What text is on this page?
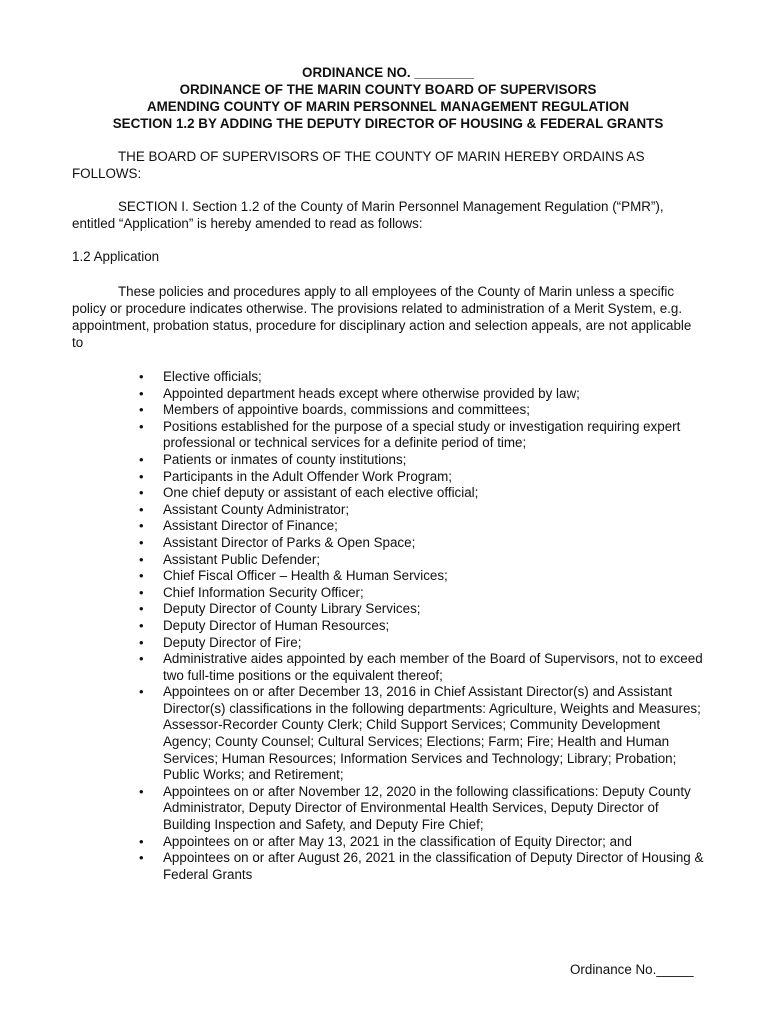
ORDINANCE NO. ________

ORDINANCE OF THE MARIN COUNTY BOARD OF SUPERVISORS

AMENDING COUNTY OF MARIN PERSONNEL MANAGEMENT REGULATION

SECTION 1.2 BY ADDING THE DEPUTY DIRECTOR OF HOUSING & FEDERAL GRANTS

THE BOARD OF SUPERVISORS OF THE COUNTY OF MARIN HEREBY ORDAINS AS FOLLOWS:

SECTION I. Section 1.2 of the County of Marin Personnel Management Regulation (“PMR”), entitled “Application” is hereby amended to read as follows:

1.2 Application

These policies and procedures apply to all employees of the County of Marin unless a specific policy or procedure indicates otherwise. The provisions related to administration of a Merit System, e.g. appointment, probation status, procedure for disciplinary action and selection appeals, are not applicable to

• Elective officials;
• Appointed department heads except where otherwise provided by law;
• Members of appointive boards, commissions and committees;
• Positions established for the purpose of a special study or investigation requiring expert professional or technical services for a definite period of time;
• Patients or inmates of county institutions;
• Participants in the Adult Offender Work Program;
• One chief deputy or assistant of each elective official;
• Assistant County Administrator;
• Assistant Director of Finance;
• Assistant Director of Parks & Open Space;
• Assistant Public Defender;
• Chief Fiscal Officer – Health & Human Services;
• Chief Information Security Officer;
• Deputy Director of County Library Services;
• Deputy Director of Human Resources;
• Deputy Director of Fire;
• Administrative aides appointed by each member of the Board of Supervisors, not to exceed two full-time positions or the equivalent thereof;
• Appointees on or after December 13, 2016 in Chief Assistant Director(s) and Assistant Director(s) classifications in the following departments: Agriculture, Weights and Measures; Assessor-Recorder County Clerk; Child Support Services; Community Development Agency; County Counsel; Cultural Services; Elections; Farm; Fire; Health and Human Services; Human Resources; Information Services and Technology; Library; Probation; Public Works; and Retirement;
• Appointees on or after November 12, 2020 in the following classifications: Deputy County Administrator, Deputy Director of Environmental Health Services, Deputy Director of Building Inspection and Safety, and Deputy Fire Chief;
• Appointees on or after May 13, 2021 in the classification of Equity Director; and
• Appointees on or after August 26, 2021 in the classification of Deputy Director of Housing & Federal Grants
Ordinance No._____
